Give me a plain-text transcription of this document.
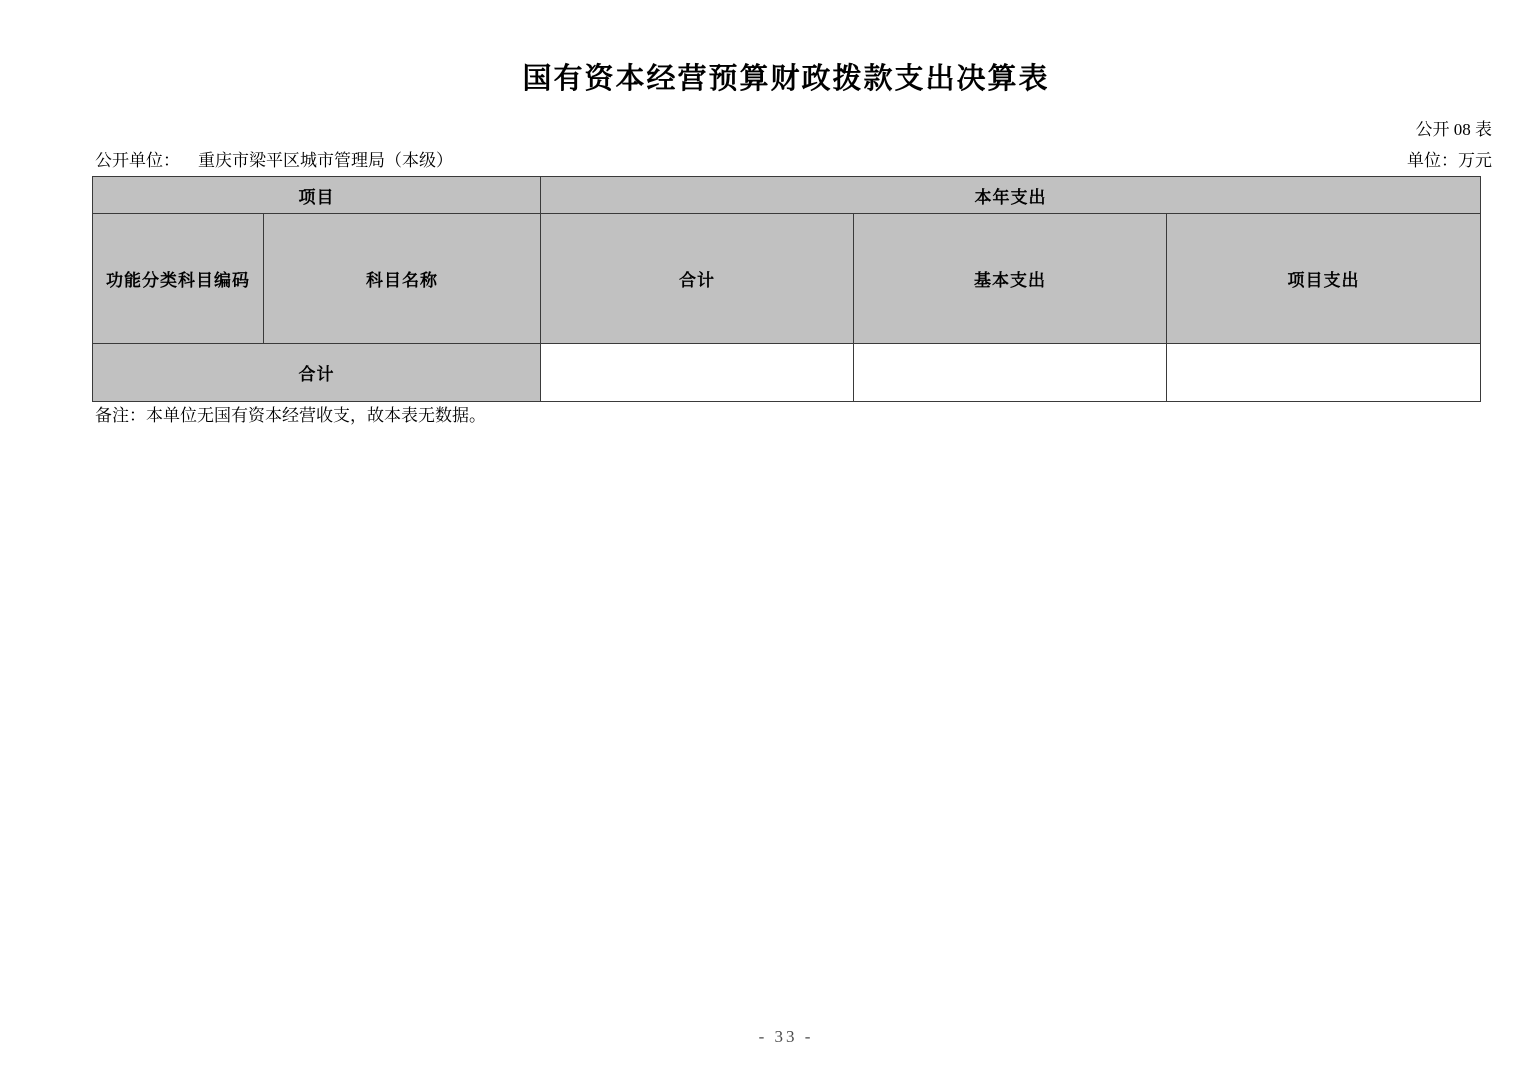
国有资本经营预算财政拨款支出决算表
公开 08 表
公开单位： 重庆市梁平区城市管理局（本级）	单位：万元
项目		本年支出		
功能分类科目编码	科目名称	合计	基本支出	项目支出
合计				
备注：本单位无国有资本经营收支，故本表无数据。
- 33 -
